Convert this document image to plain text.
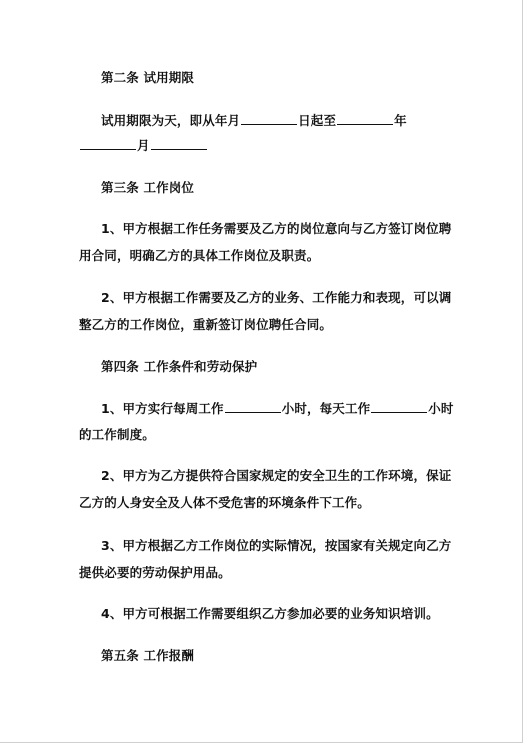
第二条 试用期限

试用期限为天，即从年月	日起至	年

月

第三条 工作岗位

1、甲方根据工作任务需要及乙方的岗位意向与乙方签订岗位聘

用合同，明确乙方的具体工作岗位及职责。

2、甲方根据工作需要及乙方的业务、工作能力和表现，可以调

整乙方的工作岗位，重新签订岗位聘任合同。

第四条 工作条件和劳动保护

1、甲方实行每周工作	小时，每天工作	小时

的工作制度。

2、甲方为乙方提供符合国家规定的安全卫生的工作环境，保证

乙方的人身安全及人体不受危害的环境条件下工作。

3、甲方根据乙方工作岗位的实际情况，按国家有关规定向乙方

提供必要的劳动保护用品。

4、甲方可根据工作需要组织乙方参加必要的业务知识培训。

第五条 工作报酬
